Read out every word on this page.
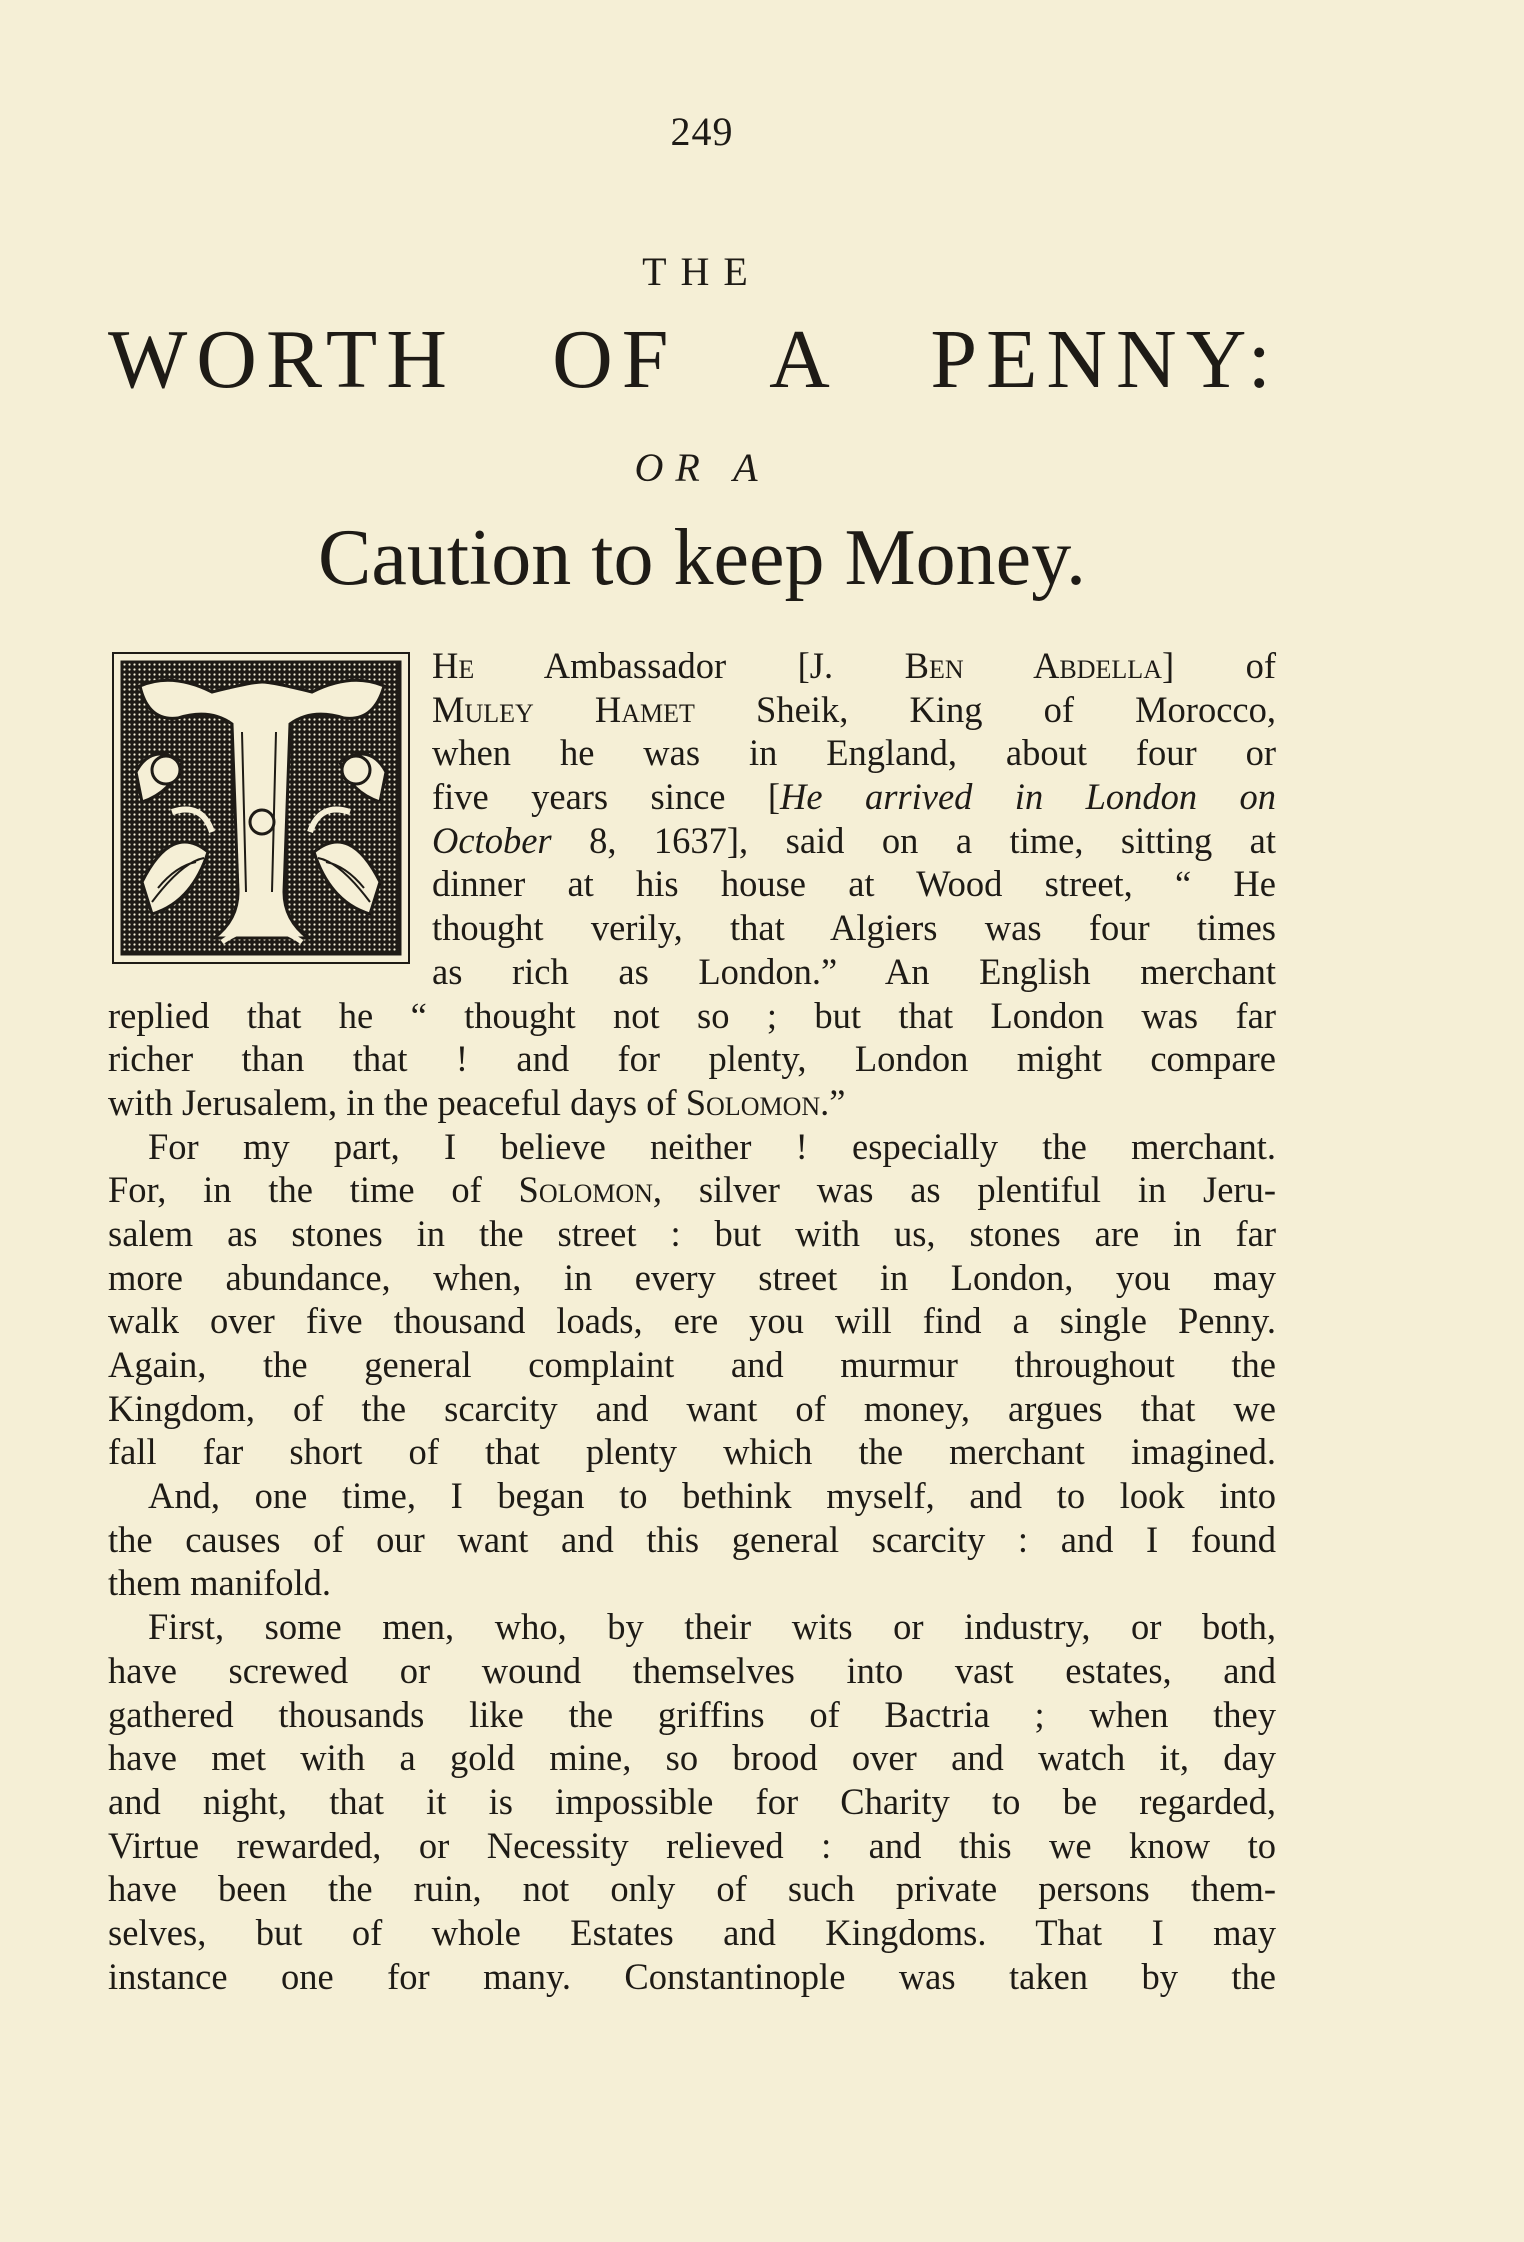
249
THE
WORTH OF A PENNY:
OR A
Caution to keep Money.
He Ambassador [J. Ben Abdella] of
Muley Hamet Sheik, King of Morocco,
when he was in England, about four or
five years since [He arrived in London on
October 8, 1637], said on a time, sitting at
dinner at his house at Wood street, “ He
thought verily, that Algiers was four times
as rich as London.” An English merchant
replied that he “ thought not so ; but that London was far
richer than that ! and for plenty, London might compare
with Jerusalem, in the peaceful days of Solomon.”
For my part, I believe neither ! especially the merchant.
For, in the time of Solomon, silver was as plentiful in Jeru-
salem as stones in the street : but with us, stones are in far
more abundance, when, in every street in London, you may
walk over five thousand loads, ere you will find a single Penny.
Again, the general complaint and murmur throughout the
Kingdom, of the scarcity and want of money, argues that we
fall far short of that plenty which the merchant imagined.
And, one time, I began to bethink myself, and to look into
the causes of our want and this general scarcity : and I found
them manifold.
First, some men, who, by their wits or industry, or both,
have screwed or wound themselves into vast estates, and
gathered thousands like the griffins of Bactria ; when they
have met with a gold mine, so brood over and watch it, day
and night, that it is impossible for Charity to be regarded,
Virtue rewarded, or Necessity relieved : and this we know to
have been the ruin, not only of such private persons them-
selves, but of whole Estates and Kingdoms. That I may
instance one for many. Constantinople was taken by the
